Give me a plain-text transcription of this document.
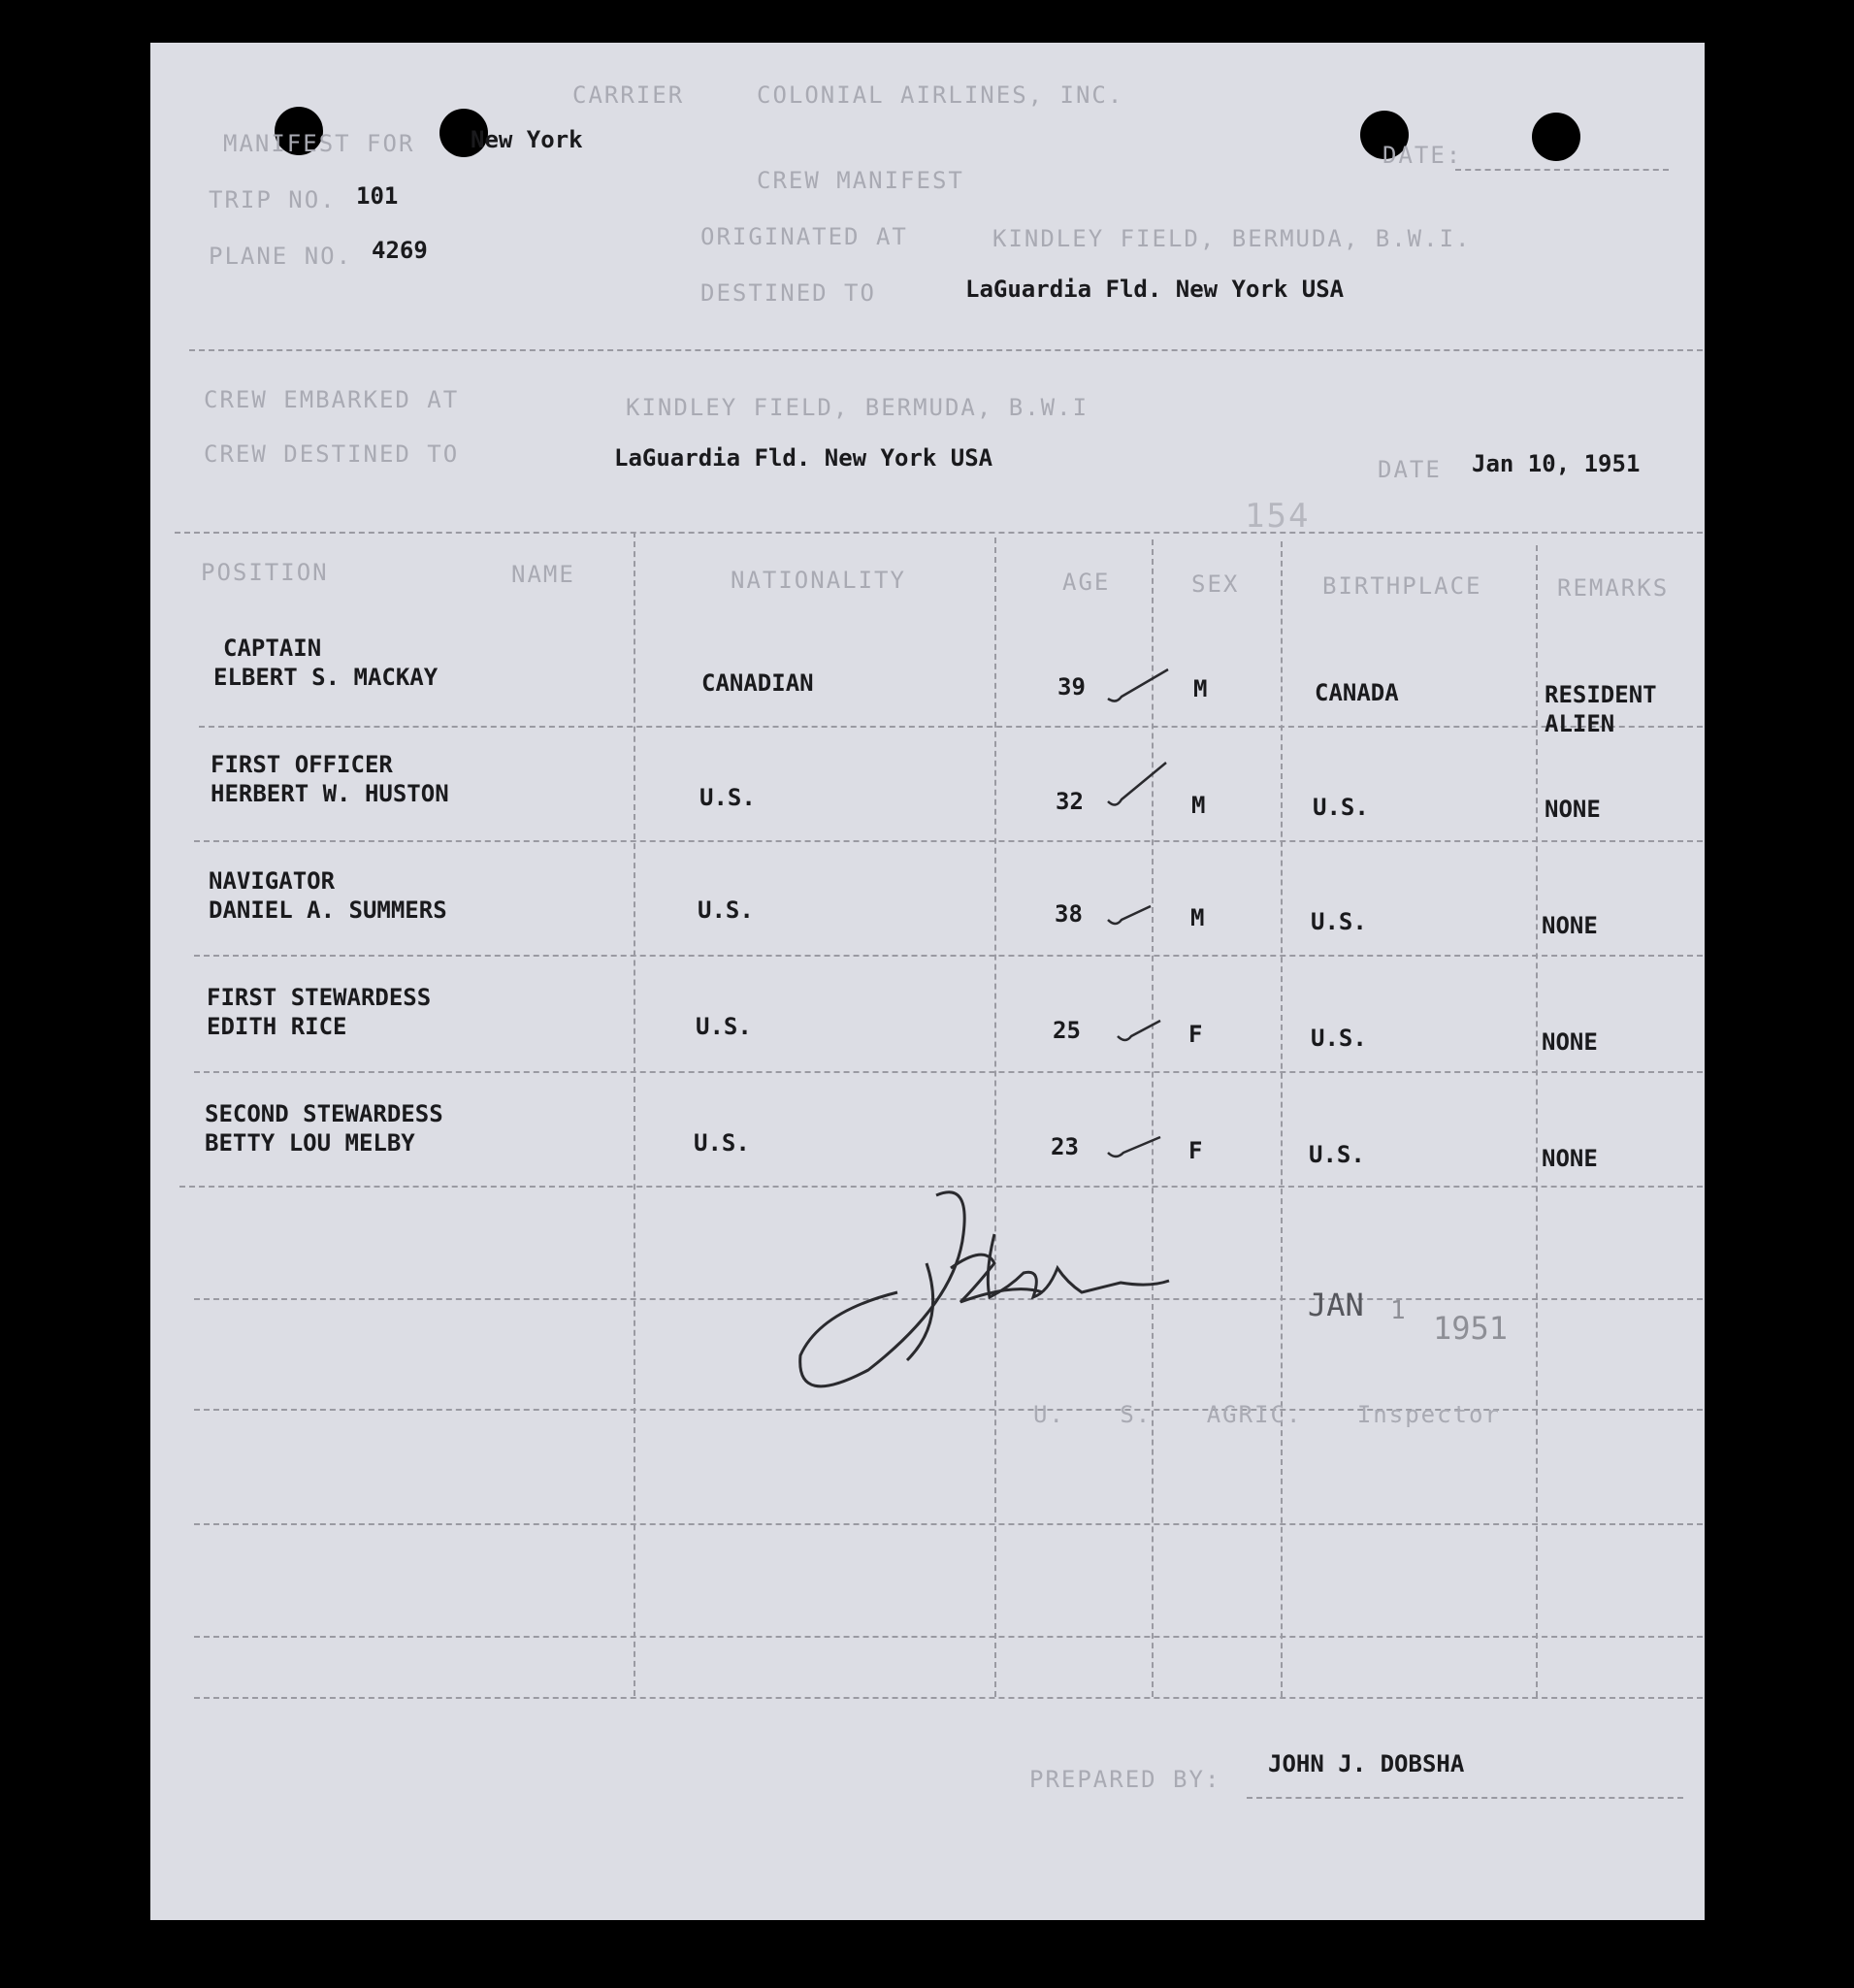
CARRIER	COLONIAL AIRLINES, INC.
MANIFEST FOR New York
DATE:
TRIP NO. 101
CREW MANIFEST
PLANE NO. 4269	ORIGINATED AT	KINDLEY FIELD, BERMUDA, B.W.I.
DESTINED TO	LaGuardia Fld. New York USA
CREW EMBARKED AT	KINDLEY FIELD, BERMUDA, B.W.I
CREW DESTINED TO	LaGuardia Fld. New York USA	DATE Jan 10, 1951
154
POSITION	NAME	NATIONALITY	AGE	SEX	BIRTHPLACE	REMARKS
CAPTAIN
ELBERT S. MACKAY	CANADIAN	39	M	CANADA	RESIDENT
ALIEN
FIRST OFFICER
HERBERT W. HUSTON	U.S.	32	M	U.S.	NONE
NAVIGATOR
DANIEL A. SUMMERS	U.S.	38	M	U.S.	NONE
FIRST STEWARDESS
EDITH RICE	U.S.	25	F	U.S.	NONE
SECOND STEWARDESS
BETTY LOU MELBY	U.S.	23	F	U.S.	NONE
JAN 1 1951
U. S. AGRIC. Inspector
PREPARED BY:
JOHN J. DOBSHA
